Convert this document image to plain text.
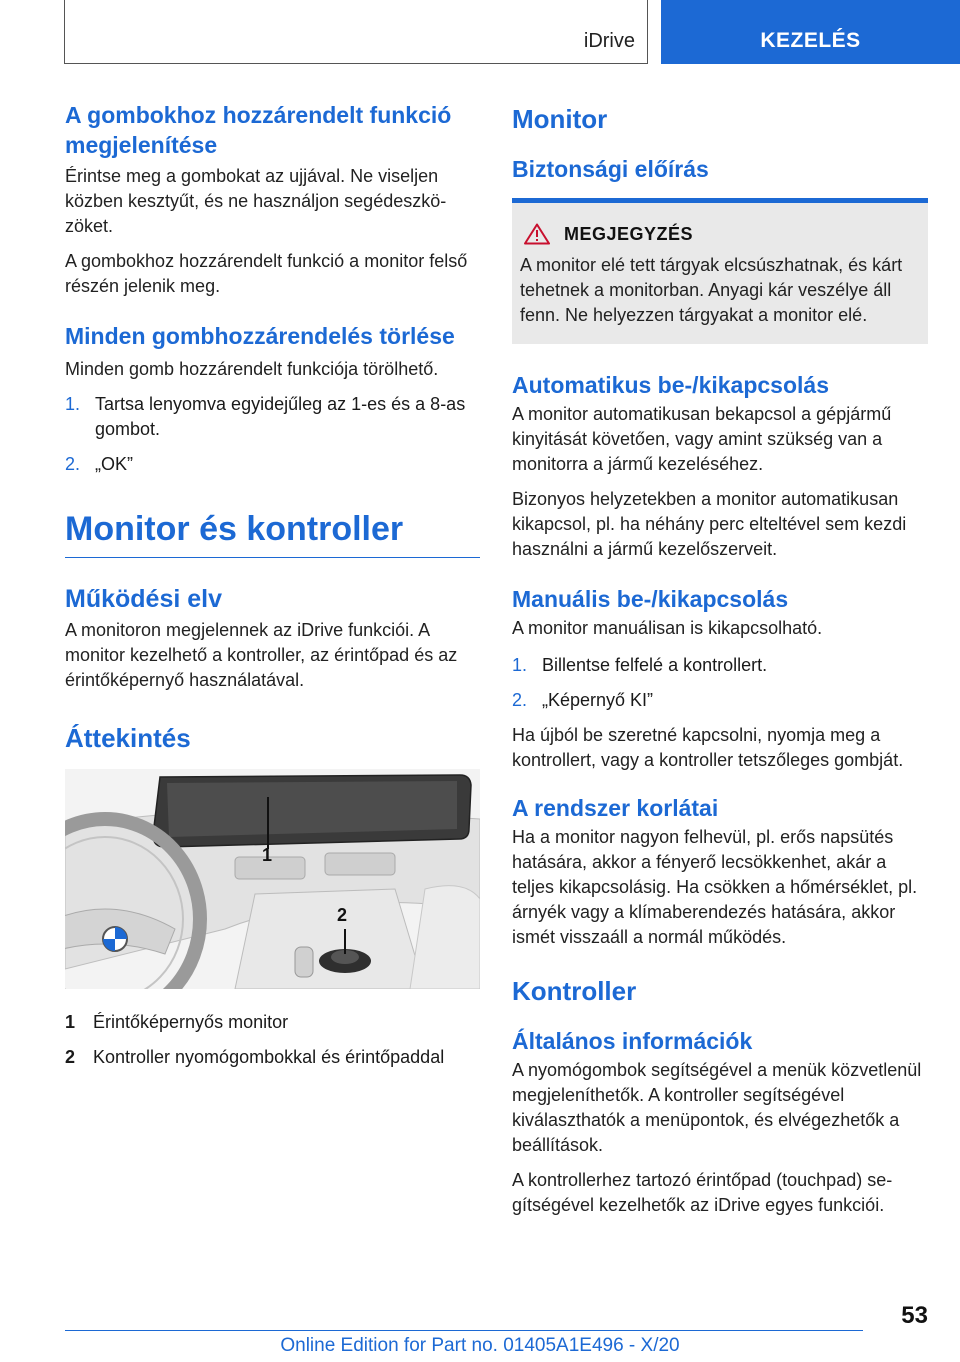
iDrive	KEZELÉS
A gombokhoz hozzárendelt funkció megjelenítése

Érintse meg a gombokat az ujjával. Ne viseljen közben kesztyűt, és ne használjon segédeszközöket.

A gombokhoz hozzárendelt funkció a monitor felső részén jelenik meg.

Minden gombhozzárendelés törlése

Minden gomb hozzárendelt funkciója törölhető.

1. Tartsa lenyomva egyidejűleg az 1-es és a 8-as gombot.
2. „OK”
Monitor és kontroller
Működési elv

A monitoron megjelennek az iDrive funkciói. A monitor kezelhető a kontroller, az érintőpad és az érintőképernyő használatával.

Áttekintés
1
2
1 Érintőképernyős monitor
2 Kontroller nyomógombokkal és érintőpaddal
Monitor
Biztonsági előírás
MEGJEGYZÉS

A monitor elé tett tárgyak elcsúszhatnak, és kárt tehetnek a monitorban. Anyagi kár veszélye áll fenn. Ne helyezzen tárgyakat a monitor elé.

Automatikus be-/kikapcsolás

A monitor automatikusan bekapcsol a gépjármű kinyitását követően, vagy amint szükség van a monitorra a jármű kezeléséhez.

Bizonyos helyzetekben a monitor automatikusan kikapcsol, pl. ha néhány perc elteltével sem kezdi használni a jármű kezelőszerveit.

Manuális be-/kikapcsolás

A monitor manuálisan is kikapcsolható.

1. Billentse felfelé a kontrollert.
2. „Képernyő KI”

Ha újból be szeretné kapcsolni, nyomja meg a kontrollert, vagy a kontroller tetszőleges gombját.

A rendszer korlátai

Ha a monitor nagyon felhevül, pl. erős napsütés hatására, akkor a fényerő lecsökkenhet, akár a teljes kikapcsolásig. Ha csökken a hőmérséklet, pl. árnyék vagy a klímaberendezés hatására, akkor ismét visszaáll a normál működés.

Kontroller
Általános információk

A nyomógombok segítségével a menük közvetlenül megjeleníthetők. A kontroller segítségével kiválaszthatók a menüpontok, és elvégezhetők a beállítások.

A kontrollerhez tartozó érintőpad (touchpad) segítségével kezelhetők az iDrive egyes funkciói.

53
Online Edition for Part no. 01405A1E496 - X/20
